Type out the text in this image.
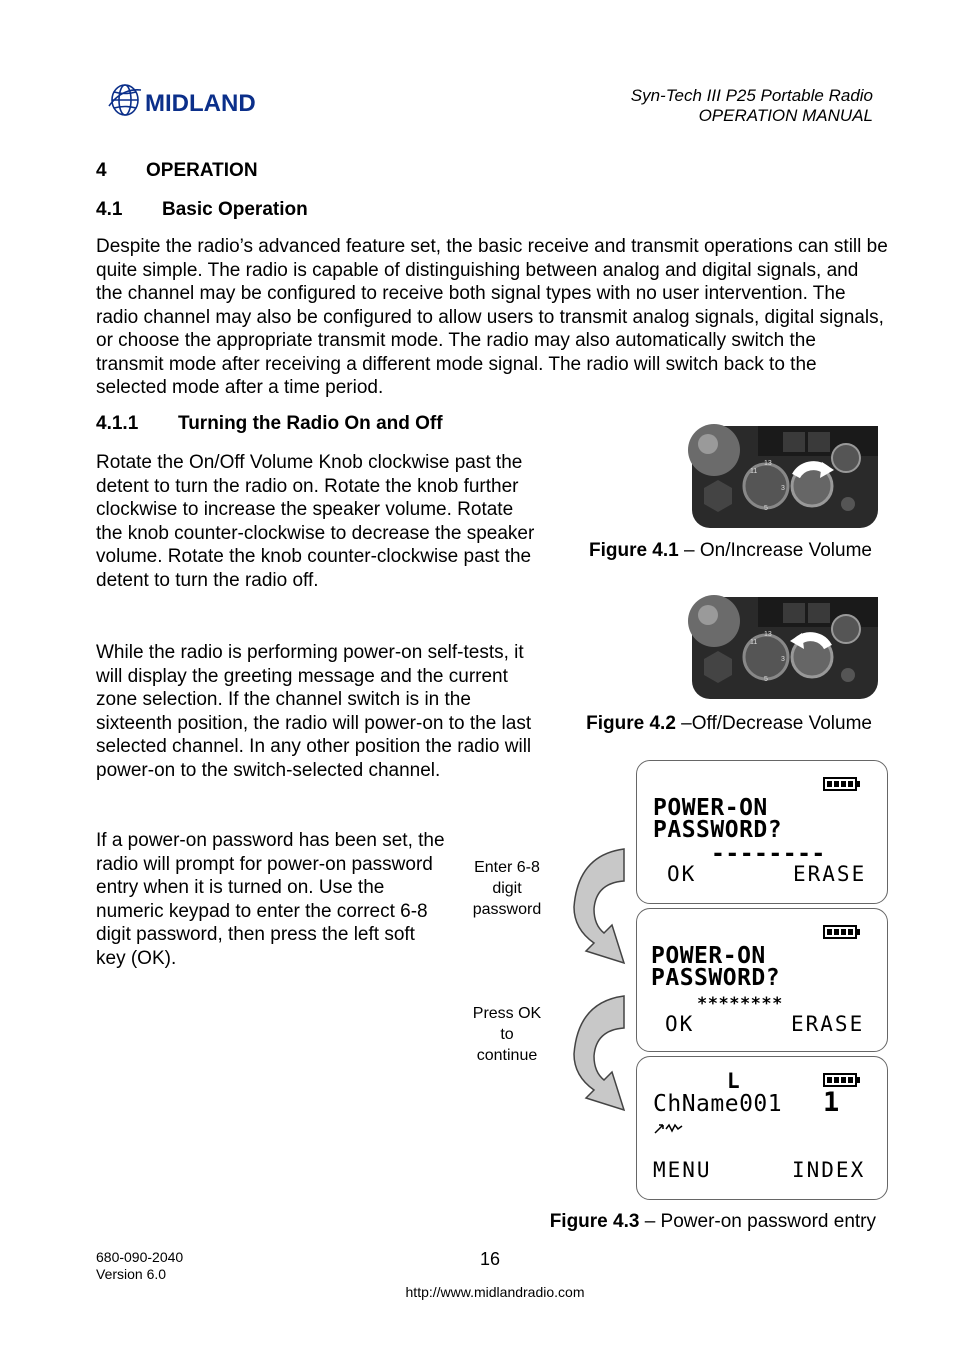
MIDLAND	Syn-Tech III P25 Portable Radio
OPERATION MANUAL
4 OPERATION
4.1 Basic Operation
Despite the radio’s advanced feature set, the basic receive and transmit operations can still be quite simple. The radio is capable of distinguishing between analog and digital signals, and the channel may be configured to receive both signal types with no user intervention. The radio channel may also be configured to allow users to transmit analog signals, digital signals, or choose the appropriate transmit mode. The radio may also automatically switch the transmit mode after receiving a different mode signal. The radio will switch back to the selected mode after a time period.
4.1.1 Turning the Radio On and Off
Rotate the On/Off Volume Knob clockwise past the detent to turn the radio on. Rotate the knob further clockwise to increase the speaker volume. Rotate the knob counter-clockwise to decrease the speaker volume. Rotate the knob counter-clockwise past the detent to turn the radio off.
While the radio is performing power-on self-tests, it will display the greeting message and the current zone selection. If the channel switch is in the sixteenth position, the radio will power-on to the last selected channel. In any other position the radio will power-on to the switch-selected channel.
If a power-on password has been set, the radio will prompt for power-on password entry when it is turned on. Use the numeric keypad to enter the correct 6-8 digit password, then press the left soft key (OK).
11
13
5
3
Figure 4.1 – On/Increase Volume
11
13
5
3
Figure 4.2 –Off/Decrease Volume
POWER-ON
PASSWORD?
--------
OK	ERASE
POWER-ON
PASSWORD?
********
OK	ERASE
L
ChName001 1
MENU	INDEX
Enter 6-8
digit
password
Press OK
to
continue
Figure 4.3 – Power-on password entry
680-090-2040
Version 6.0
16
http://www.midlandradio.com
